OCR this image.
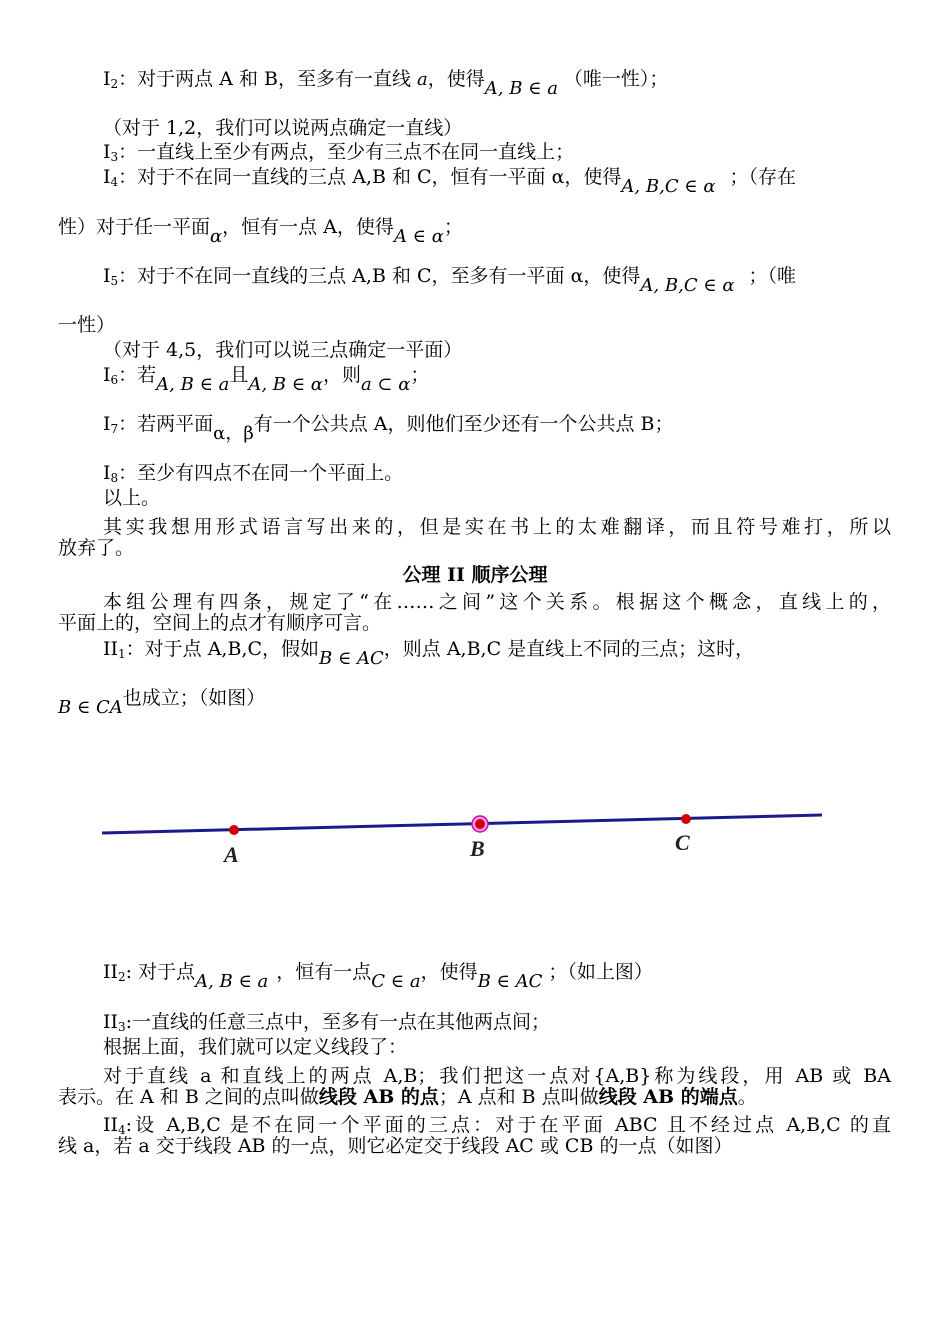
$I_2$：对于两点 A 和 B，至多有一直线 a，使得A, B ∈ a （唯一性）；
（对于 1,2，我们可以说两点确定一直线）
$I_3$：一直线上至少有两点，至少有三点不在同一直线上；
$I_4$：对于不在同一直线的三点 A,B 和 C，恒有一平面 α，使得A, B,C ∈ α ；（存在
性）对于任一平面α，恒有一点 A，使得A ∈ α；
$I_5$：对于不在同一直线的三点 A,B 和 C，至多有一平面 α，使得A, B,C ∈ α ；（唯
一性）
（对于 4,5，我们可以说三点确定一平面）
$I_6$：若A, B ∈ a且A, B ∈ α，则a ⊂ α；
$I_7$：若两平面α，β有一个公共点 A，则他们至少还有一个公共点 B；
$I_8$：至少有四点不在同一个平面上。
以上。
其实我想用形式语言写出来的，但是实在书上的太难翻译，而且符号难打，所以
放弃了。
公理 II 顺序公理
本组公理有四条，规定了“在……之间”这个关系。根据这个概念，直线上的，
平面上的，空间上的点才有顺序可言。
$II_1$：对于点 A,B,C，假如B ∈ AC，则点 A,B,C 是直线上不同的三点；这时，
B ∈ CA也成立；（如图）
A	B	C
$II_2$: 对于点A, B ∈ a ，恒有一点C ∈ a，使得B ∈ AC ；（如上图）
$II_3$:一直线的任意三点中，至多有一点在其他两点间；
根据上面，我们就可以定义线段了：
对于直线 a 和直线上的两点 A,B；我们把这一点对{A,B}称为线段，用 AB 或 BA
表示。在 A 和 B 之间的点叫做线段 AB 的点；A 点和 B 点叫做线段 AB 的端点。
$II_4$:设 A,B,C 是不在同一个平面的三点：对于在平面 ABC 且不经过点 A,B,C 的直
线 a，若 a 交于线段 AB 的一点，则它必定交于线段 AC 或 CB 的一点（如图）
